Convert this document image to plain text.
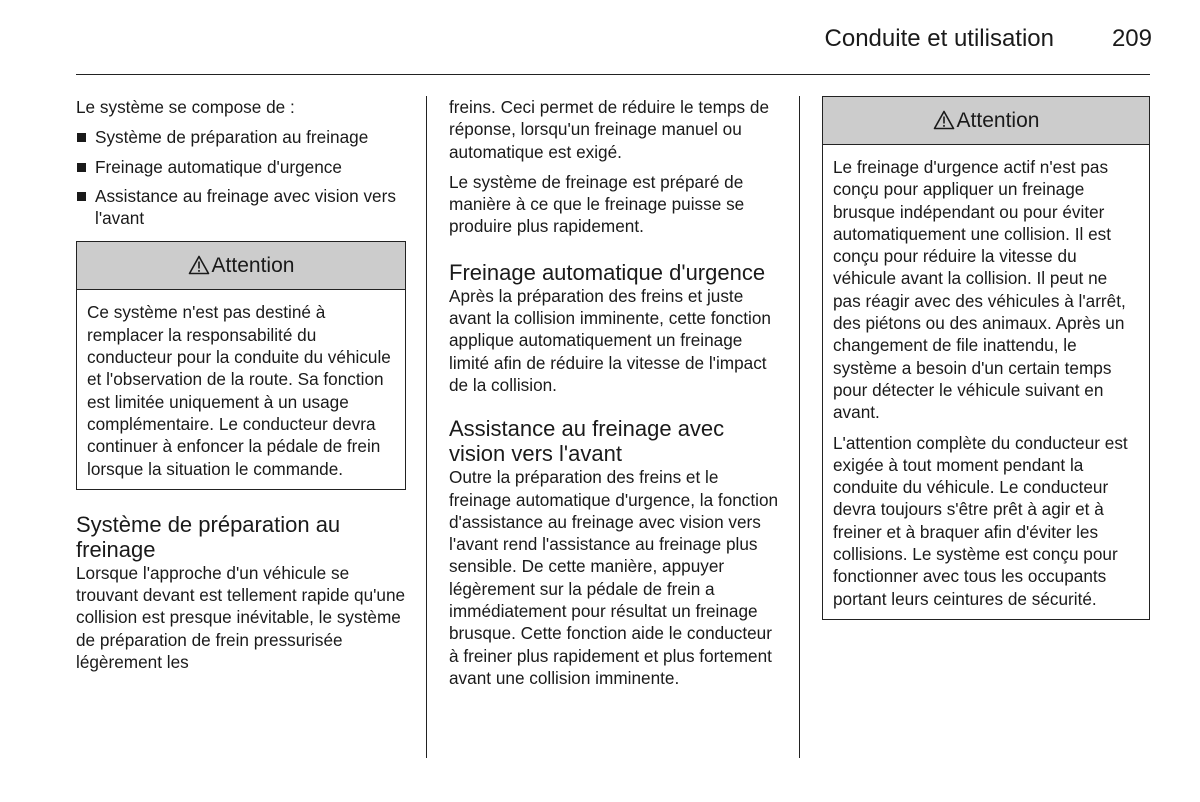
Conduite et utilisation 209

Le système se compose de :

Système de préparation au freinage
Freinage automatique d'urgence
Assistance au freinage avec vision vers l'avant
Attention

Ce système n'est pas destiné à remplacer la responsabilité du conducteur pour la conduite du véhicule et l'observation de la route. Sa fonction est limitée uniquement à un usage complémentaire. Le conducteur devra continuer à enfoncer la pédale de frein lorsque la situation le commande.

Système de préparation au freinage

Lorsque l'approche d'un véhicule se trouvant devant est tellement rapide qu'une collision est presque inévitable, le système de préparation de frein pressurisée légèrement les

freins. Ceci permet de réduire le temps de réponse, lorsqu'un freinage manuel ou automatique est exigé.

Le système de freinage est préparé de manière à ce que le freinage puisse se produire plus rapidement.

Freinage automatique d'urgence

Après la préparation des freins et juste avant la collision imminente, cette fonction applique automatiquement un freinage limité afin de réduire la vitesse de l'impact de la collision.

Assistance au freinage avec vision vers l'avant

Outre la préparation des freins et le freinage automatique d'urgence, la fonction d'assistance au freinage avec vision vers l'avant rend l'assistance au freinage plus sensible. De cette manière, appuyer légèrement sur la pédale de frein a immédiatement pour résultat un freinage brusque. Cette fonction aide le conducteur à freiner plus rapidement et plus fortement avant une collision imminente.

Attention

Le freinage d'urgence actif n'est pas conçu pour appliquer un freinage brusque indépendant ou pour éviter automatiquement une collision. Il est conçu pour réduire la vitesse du véhicule avant la collision. Il peut ne pas réagir avec des véhicules à l'arrêt, des piétons ou des animaux. Après un changement de file inattendu, le système a besoin d'un certain temps pour détecter le véhicule suivant en avant.

L'attention complète du conducteur est exigée à tout moment pendant la conduite du véhicule. Le conducteur devra toujours s'être prêt à agir et à freiner et à braquer afin d'éviter les collisions. Le système est conçu pour fonctionner avec tous les occupants portant leurs ceintures de sécurité.
